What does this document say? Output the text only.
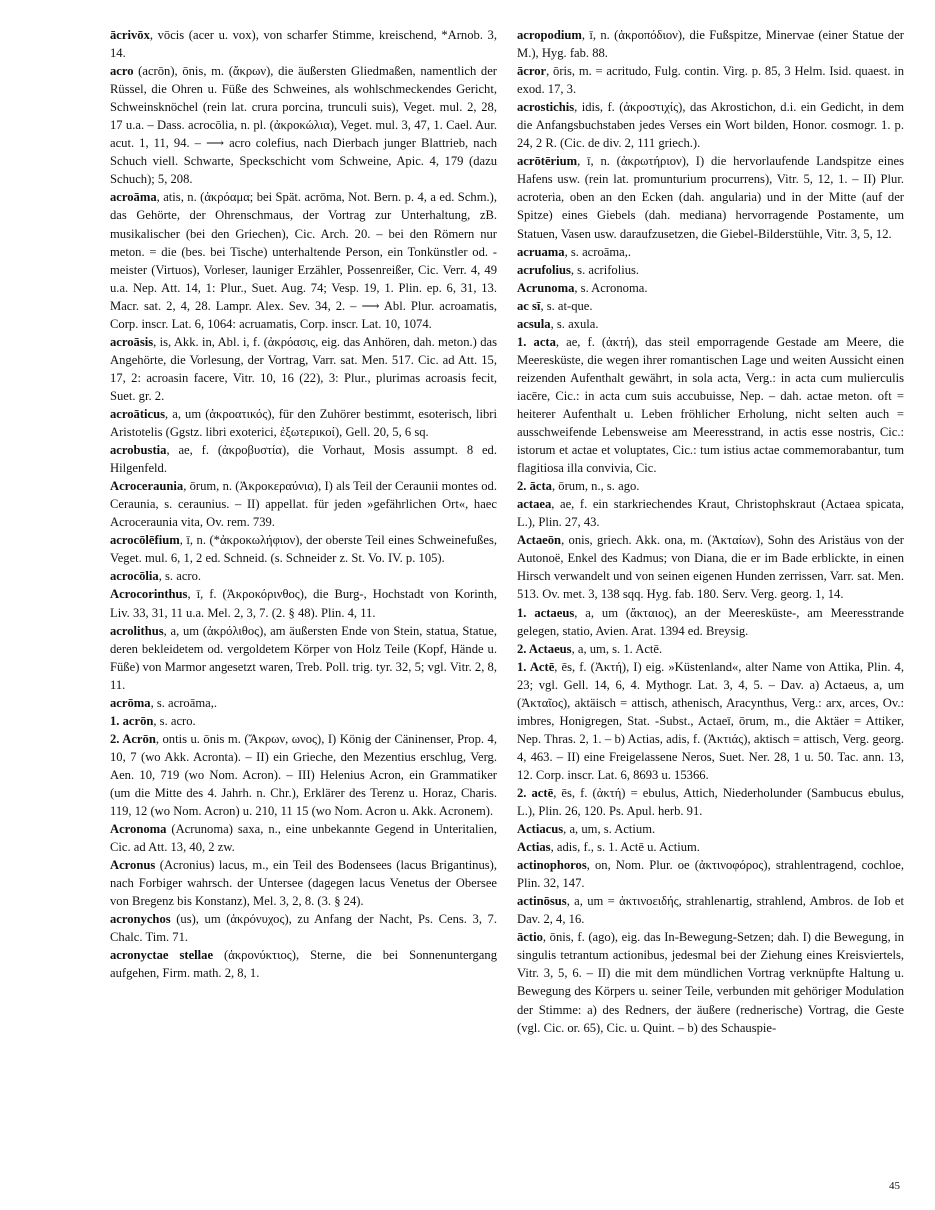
ācrivōx, vōcis (acer u. vox), von scharfer Stimme, kreischend, *Arnob. 3, 14.

acro (acrōn), ōnis, m. (ἄκρων), die äußersten Gliedmaßen, namentlich der Rüssel, die Ohren u. Füße des Schweines, als wohlschmeckendes Gericht, Schweinsknöchel (rein lat. crura porcina, trunculi suis), Veget. mul. 2, 28, 17 u.a. – Dass. acrocōlia, n. pl. (ἀκροκώλια), Veget. mul. 3, 47, 1. Cael. Aur. acut. 1, 11, 94. – ⟶ acro colefius, nach Dierbach junger Blattrieb, nach Schuch viell. Schwarte, Speckschicht vom Schweine, Apic. 4, 179 (dazu Schuch); 5, 208.

acroāma, atis, n. (ἀκρόαμα; bei Spät. acrōma, Not. Bern. p. 4, a ed. Schm.), das Gehörte, der Ohrenschmaus, der Vortrag zur Unterhaltung, zB. musikalischer (bei den Griechen), Cic. Arch. 20. – bei den Römern nur meton. = die (bes. bei Tische) unterhaltende Person, ein Tonkünstler od. -meister (Virtuos), Vorleser, launiger Erzähler, Possenreißer, Cic. Verr. 4, 49 u.a. Nep. Att. 14, 1: Plur., Suet. Aug. 74; Vesp. 19, 1. Plin. ep. 6, 31, 13. Macr. sat. 2, 4, 28. Lampr. Alex. Sev. 34, 2. – ⟶ Abl. Plur. acroamatis, Corp. inscr. Lat. 6, 1064: acruamatis, Corp. inscr. Lat. 10, 1074.

acroāsis, is, Akk. in, Abl. i, f. (ἀκρόασις, eig. das Anhören, dah. meton.) das Angehörte, die Vorlesung, der Vortrag, Varr. sat. Men. 517. Cic. ad Att. 15, 17, 2: acroasin facere, Vitr. 10, 16 (22), 3: Plur., plurimas acroasis fecit, Suet. gr. 2.

acroāticus, a, um (ἀκροατικός), für den Zuhörer bestimmt, esoterisch, libri Aristotelis (Ggstz. libri exoterici, ἐξωτερικοί), Gell. 20, 5, 6 sq.

acrobustia, ae, f. (ἀκροβυστία), die Vorhaut, Mosis assumpt. 8 ed. Hilgenfeld.

Acroceraunia, ōrum, n. (Ἀκροκεραύνια), I) als Teil der Ceraunii montes od. Ceraunia, s. ceraunius. – II) appellat. für jeden »gefährlichen Ort«, haec Acroceraunia vita, Ov. rem. 739.

acrocōlēfium, ī, n. (*ἀκροκωλήφιον), der oberste Teil eines Schweinefußes, Veget. mul. 6, 1, 2 ed. Schneid. (s. Schneider z. St. Vo. IV. p. 105).

acrocōlia, s. acro.

Acrocorinthus, ī, f. (Ἀκροκόρινθος), die Burg-, Hochstadt von Korinth, Liv. 33, 31, 11 u.a. Mel. 2, 3, 7. (2. § 48). Plin. 4, 11.

acrolithus, a, um (ἀκρόλιθος), am äußersten Ende von Stein, statua, Statue, deren bekleidetem od. vergoldetem Körper von Holz Teile (Kopf, Hände u. Füße) von Marmor angesetzt waren, Treb. Poll. trig. tyr. 32, 5; vgl. Vitr. 2, 8, 11.

acrōma, s. acroāma,.

1. acrōn, s. acro.

2. Acrōn, ontis u. ōnis m. (Ἄκρων, ωνος), I) König der Cäninenser, Prop. 4, 10, 7 (wo Akk. Acronta). – II) ein Grieche, den Mezentius erschlug, Verg. Aen. 10, 719 (wo Nom. Acron). – III) Helenius Acron, ein Grammatiker (um die Mitte des 4. Jahrh. n. Chr.), Erklärer des Terenz u. Horaz, Charis. 119, 12 (wo Nom. Acron) u. 210, 11 15 (wo Nom. Acron u. Akk. Acronem).

Acronoma (Acrunoma) saxa, n., eine unbekannte Gegend in Unteritalien, Cic. ad Att. 13, 40, 2 zw.

Acronus (Acronius) lacus, m., ein Teil des Bodensees (lacus Brigantinus), nach Forbiger wahrsch. der Untersee (dagegen lacus Venetus der Obersee von Bregenz bis Konstanz), Mel. 3, 2, 8. (3. § 24).

acronychos (us), um (ἀκρόνυχος), zu Anfang der Nacht, Ps. Cens. 3, 7. Chalc. Tim. 71.

acronyctae stellae (ἀκρονύκτιος), Sterne, die bei Sonnenuntergang aufgehen, Firm. math. 2, 8, 1.

acropodium, ī, n. (ἀκροπόδιον), die Fußspitze, Minervae (einer Statue der M.), Hyg. fab. 88.

ācror, ōris, m. = acritudo, Fulg. contin. Virg. p. 85, 3 Helm. Isid. quaest. in exod. 17, 3.

acrostichis, idis, f. (ἀκροστιχίς), das Akrostichon, d.i. ein Gedicht, in dem die Anfangsbuchstaben jedes Verses ein Wort bilden, Honor. cosmogr. 1. p. 24, 2 R. (Cic. de div. 2, 111 griech.).

acrōtērium, ī, n. (ἀκρωτήριον), I) die hervorlaufende Landspitze eines Hafens usw. (rein lat. promunturium procurrens), Vitr. 5, 12, 1. – II) Plur. acroteria, oben an den Ecken (dah. angularia) und in der Mitte (auf der Spitze) eines Giebels (dah. mediana) hervorragende Postamente, um Statuen, Vasen usw. daraufzusetzen, die Giebel-Bilderstühle, Vitr. 3, 5, 12.

acruama, s. acroāma,.

acrufolius, s. acrifolius.

Acrunoma, s. Acronoma.

ac sī, s. at-que.

acsula, s. axula.

1. acta, ae, f. (ἀκτή), das steil emporragende Gestade am Meere, die Meeresküste, die wegen ihrer romantischen Lage und weiten Aussicht einen reizenden Aufenthalt gewährt, in sola acta, Verg.: in acta cum mulierculis iacēre, Cic.: in acta cum suis accubuisse, Nep. – dah. actae meton. oft = heiterer Aufenthalt u. Leben fröhlicher Erholung, nicht selten auch = ausschweifende Lebensweise am Meeresstrand, in actis esse nostris, Cic.: istorum et actae et voluptates, Cic.: tum istius actae commemorabantur, tum flagitiosa illa convivia, Cic.

2. ācta, ōrum, n., s. ago.

actaea, ae, f. ein starkriechendes Kraut, Christophskraut (Actaea spicata, L.), Plin. 27, 43.

Actaeōn, onis, griech. Akk. ona, m. (Ἀκταίων), Sohn des Aristäus von der Autonoë, Enkel des Kadmus; von Diana, die er im Bade erblickte, in einen Hirsch verwandelt und von seinen eigenen Hunden zerrissen, Varr. sat. Men. 513. Ov. met. 3, 138 sqq. Hyg. fab. 180. Serv. Verg. georg. 1, 14.

1. actaeus, a, um (ἄκταιος), an der Meeresküste-, am Meeresstrande gelegen, statio, Avien. Arat. 1394 ed. Breysig.

2. Actaeus, a, um, s. 1. Actē.

1. Actē, ēs, f. (Ἀκτή), I) eig. »Küstenland«, alter Name von Attika, Plin. 4, 23; vgl. Gell. 14, 6, 4. Mythogr. Lat. 3, 4, 5. – Dav. a) Actaeus, a, um (Ἀκταῖος), aktäisch = attisch, athenisch, Aracynthus, Verg.: arx, arces, Ov.: imbres, Honigregen, Stat. -Subst., Actaeī, ōrum, m., die Aktäer = Attiker, Nep. Thras. 2, 1. – b) Actias, adis, f. (Ἀκτιάς), aktisch = attisch, Verg. georg. 4, 463. – II) eine Freigelassene Neros, Suet. Ner. 28, 1 u. 50. Tac. ann. 13, 12. Corp. inscr. Lat. 6, 8693 u. 15366.

2. actē, ēs, f. (ἀκτή) = ebulus, Attich, Niederholunder (Sambucus ebulus, L.), Plin. 26, 120. Ps. Apul. herb. 91.

Actiacus, a, um, s. Actium.

Actias, adis, f., s. 1. Actē u. Actium.

actinophoros, on, Nom. Plur. oe (ἀκτινοφόρος), strahlentragend, cochloe, Plin. 32, 147.

actinōsus, a, um = ἀκτινοειδής, strahlenartig, strahlend, Ambros. de Iob et Dav. 2, 4, 16.

āctio, ōnis, f. (ago), eig. das In-Bewegung-Setzen; dah. I) die Bewegung, in singulis tetrantum actionibus, jedesmal bei der Ziehung eines Kreisviertels, Vitr. 3, 5, 6. – II) die mit dem mündlichen Vortrag verknüpfte Haltung u. Bewegung des Körpers u. seiner Teile, verbunden mit gehöriger Modulation der Stimme: a) des Redners, der äußere (rednerische) Vortrag, die Geste (vgl. Cic. or. 65), Cic. u. Quint. – b) des Schauspie-

45
